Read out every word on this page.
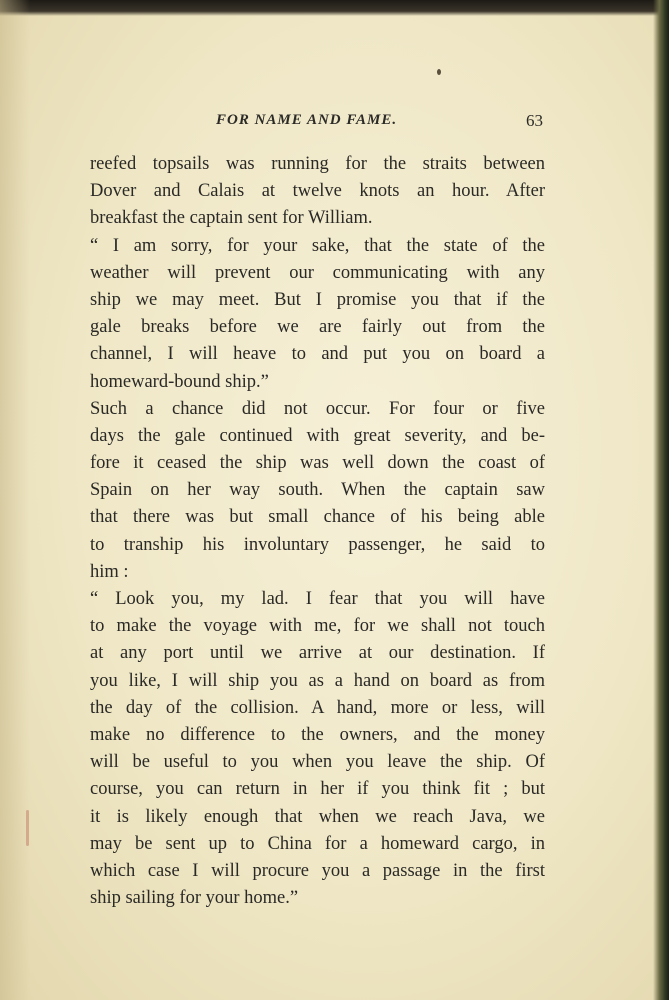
FOR NAME AND FAME.	63
reefed topsails was running for the straits between
Dover and Calais at twelve knots an hour. After
breakfast the captain sent for William.
“ I am sorry, for your sake, that the state of the
weather will prevent our communicating with any
ship we may meet. But I promise you that if the
gale breaks before we are fairly out from the
channel, I will heave to and put you on board a
homeward-bound ship.”
Such a chance did not occur. For four or five
days the gale continued with great severity, and be-
fore it ceased the ship was well down the coast of
Spain on her way south. When the captain saw
that there was but small chance of his being able
to tranship his involuntary passenger, he said to
him :
“ Look you, my lad. I fear that you will have
to make the voyage with me, for we shall not touch
at any port until we arrive at our destination. If
you like, I will ship you as a hand on board as from
the day of the collision. A hand, more or less, will
make no difference to the owners, and the money
will be useful to you when you leave the ship. Of
course, you can return in her if you think fit ; but
it is likely enough that when we reach Java, we
may be sent up to China for a homeward cargo, in
which case I will procure you a passage in the first
ship sailing for your home.”
